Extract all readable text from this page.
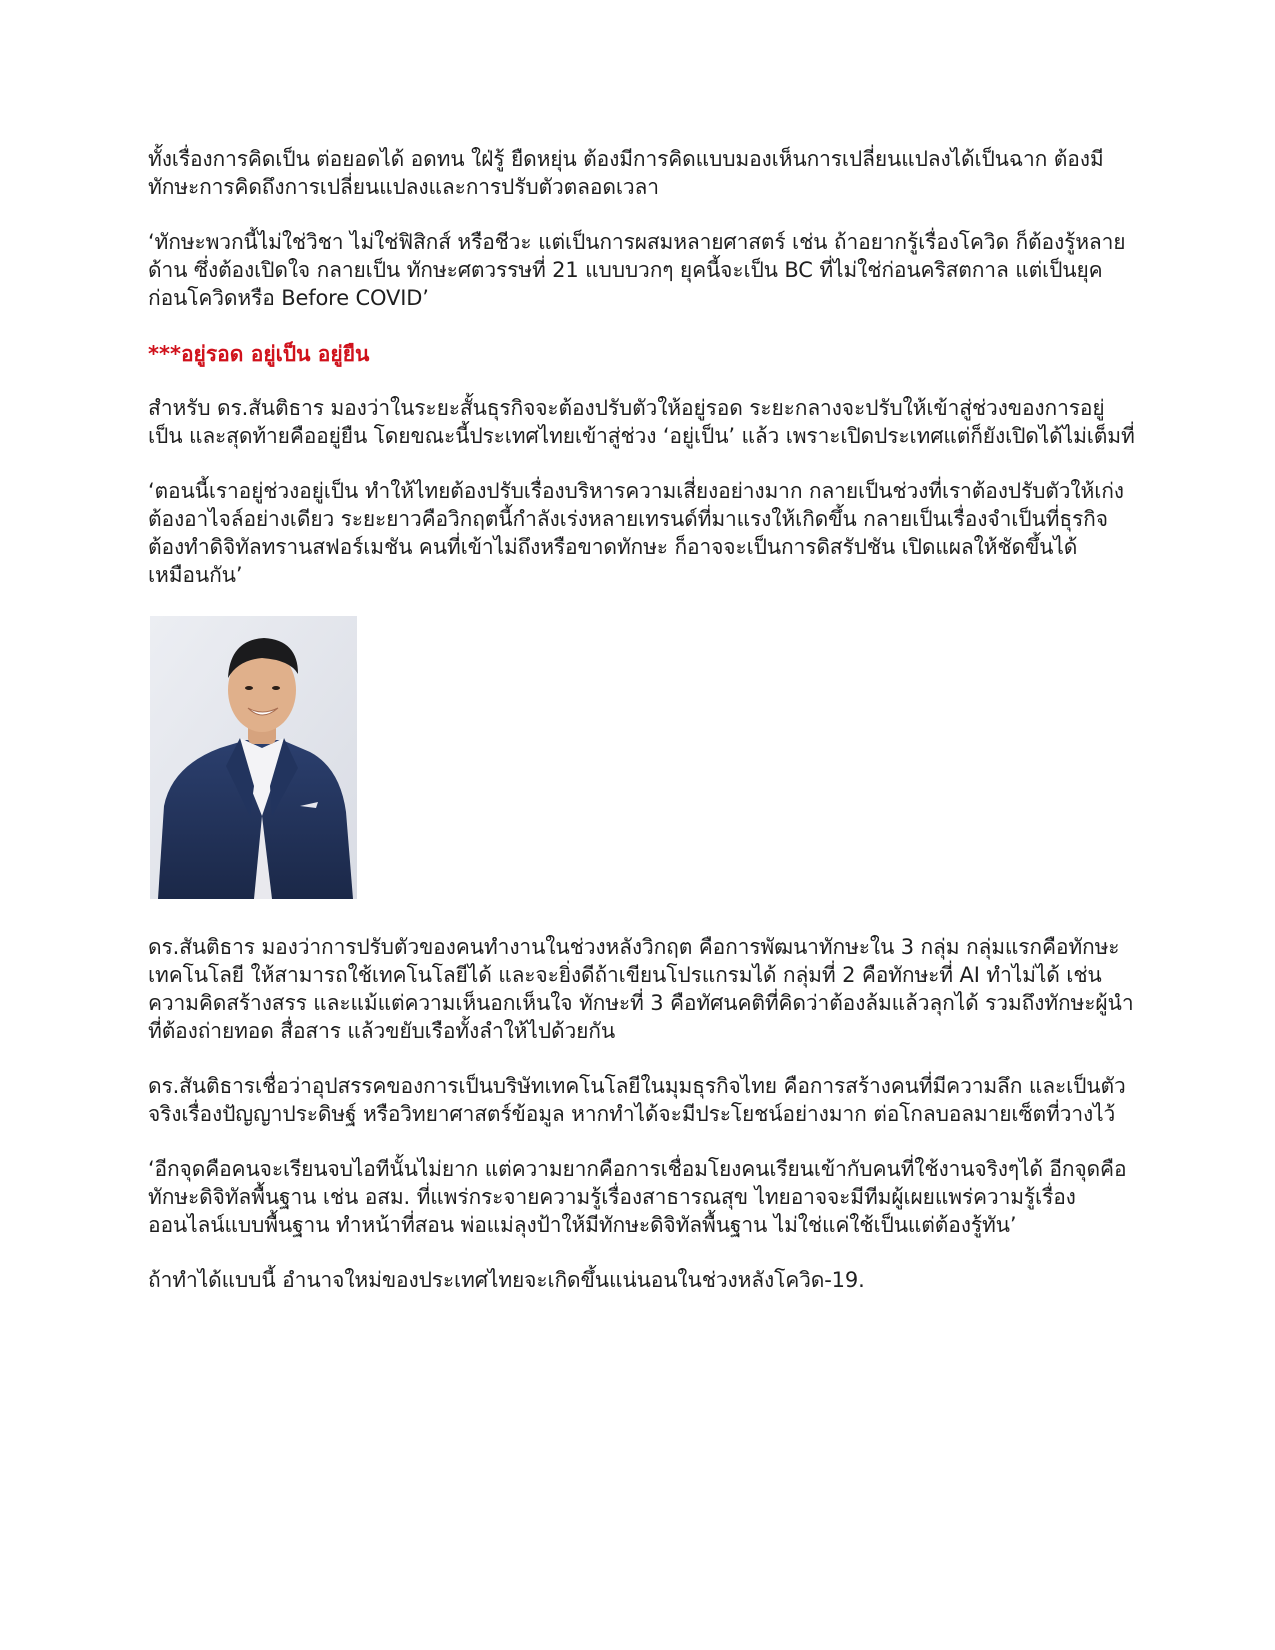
ทั้งเรื่องการคิดเป็น ต่อยอดได้ อดทน ใฝ่รู้ ยืดหยุ่น ต้องมีการคิดแบบมองเห็นการเปลี่ยนแปลงได้เป็นฉาก ต้องมีทักษะการคิดถึงการเปลี่ยนแปลงและการปรับตัวตลอดเวลา

‘ทักษะพวกนี้ไม่ใช่วิชา ไม่ใช่ฟิสิกส์ หรือชีวะ แต่เป็นการผสมหลายศาสตร์ เช่น ถ้าอยากรู้เรื่องโควิด ก็ต้องรู้หลายด้าน ซึ่งต้องเปิดใจ กลายเป็น ทักษะศตวรรษที่ 21 แบบบวกๆ ยุคนี้จะเป็น BC ที่ไม่ใช่ก่อนคริสตกาล แต่เป็นยุคก่อนโควิดหรือ Before COVID’

***อยู่รอด อยู่เป็น อยู่ยืน

สำหรับ ดร.สันติธาร มองว่าในระยะสั้นธุรกิจจะต้องปรับตัวให้อยู่รอด ระยะกลางจะปรับให้เข้าสู่ช่วงของการอยู่เป็น และสุดท้ายคืออยู่ยืน โดยขณะนี้ประเทศไทยเข้าสู่ช่วง ‘อยู่เป็น’ แล้ว เพราะเปิดประเทศแต่ก็ยังเปิดได้ไม่เต็มที่

‘ตอนนี้เราอยู่ช่วงอยู่เป็น ทำให้ไทยต้องปรับเรื่องบริหารความเสี่ยงอย่างมาก กลายเป็นช่วงที่เราต้องปรับตัวให้เก่ง ต้องอาไจล์อย่างเดียว ระยะยาวคือวิกฤตนี้กำลังเร่งหลายเทรนด์ที่มาแรงให้เกิดขึ้น กลายเป็นเรื่องจำเป็นที่ธุรกิจต้องทำดิจิทัลทรานสฟอร์เมชัน คนที่เข้าไม่ถึงหรือขาดทักษะ ก็อาจจะเป็นการดิสรัปชัน เปิดแผลให้ชัดขึ้นได้เหมือนกัน’

ดร.สันติธาร มองว่าการปรับตัวของคนทำงานในช่วงหลังวิกฤต คือการพัฒนาทักษะใน 3 กลุ่ม กลุ่มแรกคือทักษะเทคโนโลยี ให้สามารถใช้เทคโนโลยีได้ และจะยิ่งดีถ้าเขียนโปรแกรมได้ กลุ่มที่ 2 คือทักษะที่ AI ทำไม่ได้ เช่น ความคิดสร้างสรร และแม้แต่ความเห็นอกเห็นใจ ทักษะที่ 3 คือทัศนคติที่คิดว่าต้องล้มแล้วลุกได้ รวมถึงทักษะผู้นำ ที่ต้องถ่ายทอด สื่อสาร แล้วขยับเรือทั้งลำให้ไปด้วยกัน

ดร.สันติธารเชื่อว่าอุปสรรคของการเป็นบริษัทเทคโนโลยีในมุมธุรกิจไทย คือการสร้างคนที่มีความลึก และเป็นตัวจริงเรื่องปัญญาประดิษฐ์ หรือวิทยาศาสตร์ข้อมูล หากทำได้จะมีประโยชน์อย่างมาก ต่อโกลบอลมายเซ็ตที่วางไว้

‘อีกจุดคือคนจะเรียนจบไอทีนั้นไม่ยาก แต่ความยากคือการเชื่อมโยงคนเรียนเข้ากับคนที่ใช้งานจริงๆได้ อีกจุดคือทักษะดิจิทัลพื้นฐาน เช่น อสม. ที่แพร่กระจายความรู้เรื่องสาธารณสุข ไทยอาจจะมีทีมผู้เผยแพร่ความรู้เรื่องออนไลน์แบบพื้นฐาน ทำหน้าที่สอน พ่อแม่ลุงป้าให้มีทักษะดิจิทัลพื้นฐาน ไม่ใช่แค่ใช้เป็นแต่ต้องรู้ทัน’

ถ้าทำได้แบบนี้ อำนาจใหม่ของประเทศไทยจะเกิดขึ้นแน่นอนในช่วงหลังโควิด-19.
